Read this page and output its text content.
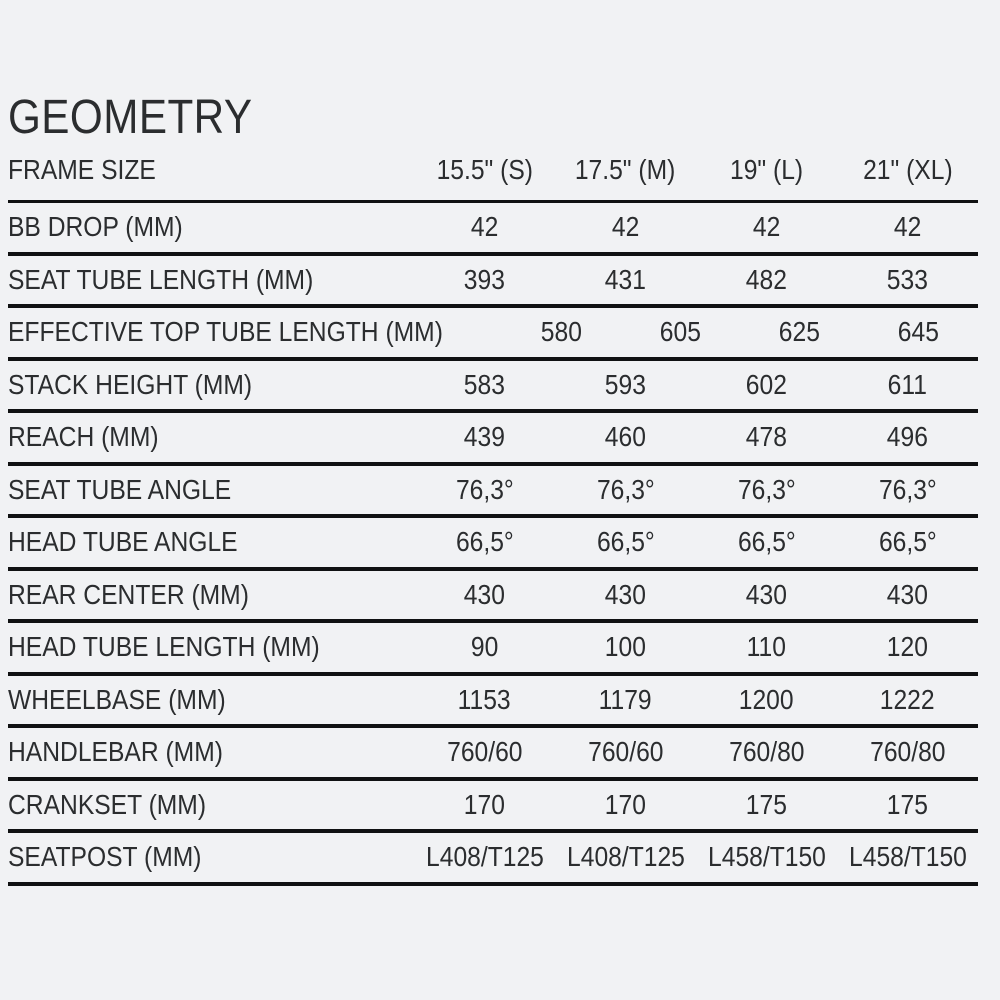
GEOMETRY
FRAME SIZE	15.5" (S)	17.5" (M)	19" (L)	21" (XL)
BB DROP (MM)	42	42	42	42
SEAT TUBE LENGTH (MM)	393	431	482	533
EFFECTIVE TOP TUBE LENGTH (MM)	580	605	625	645
STACK HEIGHT (MM)	583	593	602	611
REACH (MM)	439	460	478	496
SEAT TUBE ANGLE	76,3°	76,3°	76,3°	76,3°
HEAD TUBE ANGLE	66,5°	66,5°	66,5°	66,5°
REAR CENTER (MM)	430	430	430	430
HEAD TUBE LENGTH (MM)	90	100	110	120
WHEELBASE (MM)	1153	1179	1200	1222
HANDLEBAR (MM)	760/60	760/60	760/80	760/80
CRANKSET (MM)	170	170	175	175
SEATPOST (MM)	L408/T125 L408/T125 L458/T150 L458/T150
